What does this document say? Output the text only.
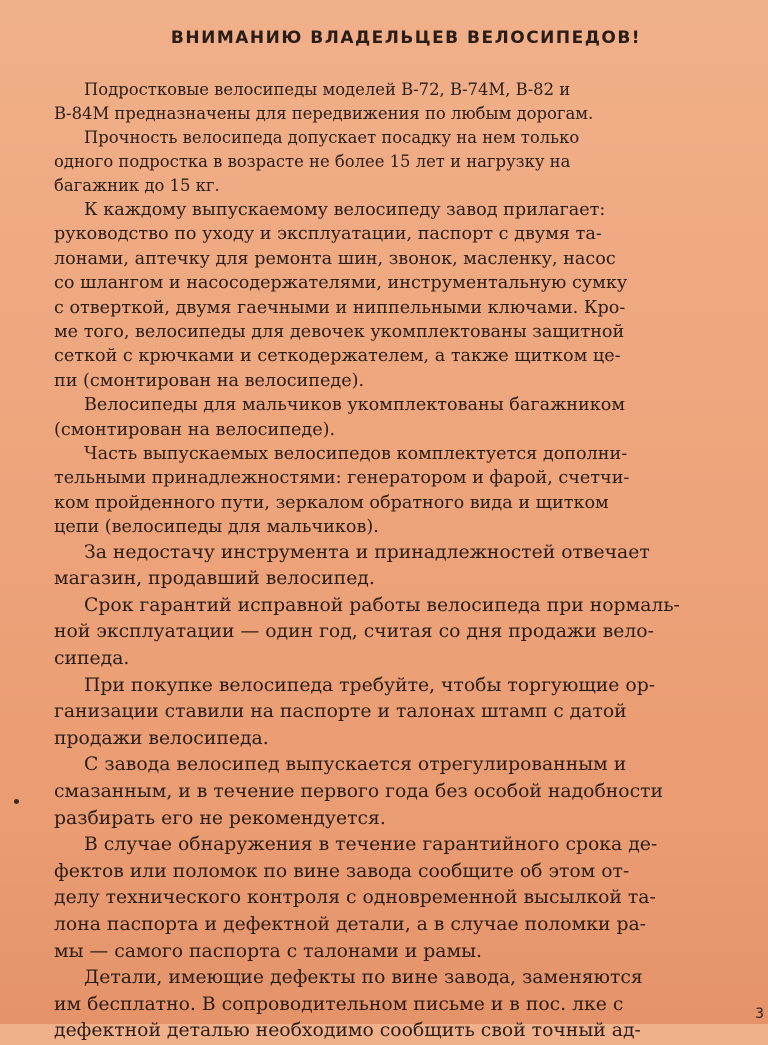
ВНИМАНИЮ ВЛАДЕЛЬЦЕВ ВЕЛОСИПЕДОВ!

Подростковые велосипеды моделей В-72, В-74М, В-82 и
В-84М предназначены для передвижения по любым дорогам.

Прочность велосипеда допускает посадку на нем только
одного подростка в возрасте не более 15 лет и нагрузку на
багажник до 15 кг.

К каждому выпускаемому велосипеду завод прилагает:
руководство по уходу и эксплуатации, паспорт с двумя та-
лонами, аптечку для ремонта шин, звонок, масленку, насос
со шлангом и насосодержателями, инструментальную сумку
с отверткой, двумя гаечными и ниппельными ключами. Кро-
ме того, велосипеды для девочек укомплектованы защитной
сеткой с крючками и сеткодержателем, а также щитком це-
пи (смонтирован на велосипеде).

Велосипеды для мальчиков укомплектованы багажником
(смонтирован на велосипеде).

Часть выпускаемых велосипедов комплектуется дополни-
тельными принадлежностями: генератором и фарой, счетчи-
ком пройденного пути, зеркалом обратного вида и щитком
цепи (велосипеды для мальчиков).

За недостачу инструмента и принадлежностей отвечает
магазин, продавший велосипед.

Срок гарантий исправной работы велосипеда при нормаль-
ной эксплуатации — один год, считая со дня продажи вело-
сипеда.

При покупке велосипеда требуйте, чтобы торгующие ор-
ганизации ставили на паспорте и талонах штамп с датой
продажи велосипеда.

С завода велосипед выпускается отрегулированным и
смазанным, и в течение первого года без особой надобности
разбирать его не рекомендуется.

В случае обнаружения в течение гарантийного срока де-
фектов или поломок по вине завода сообщите об этом от-
делу технического контроля с одновременной высылкой та-
лона паспорта и дефектной детали, а в случае поломки ра-
мы — самого паспорта с талонами и рамы.

Детали, имеющие дефекты по вине завода, заменяются
им бесплатно. В сопроводительном письме и в пос. лке с
дефектной деталью необходимо сообщить свой точный ад-

3
